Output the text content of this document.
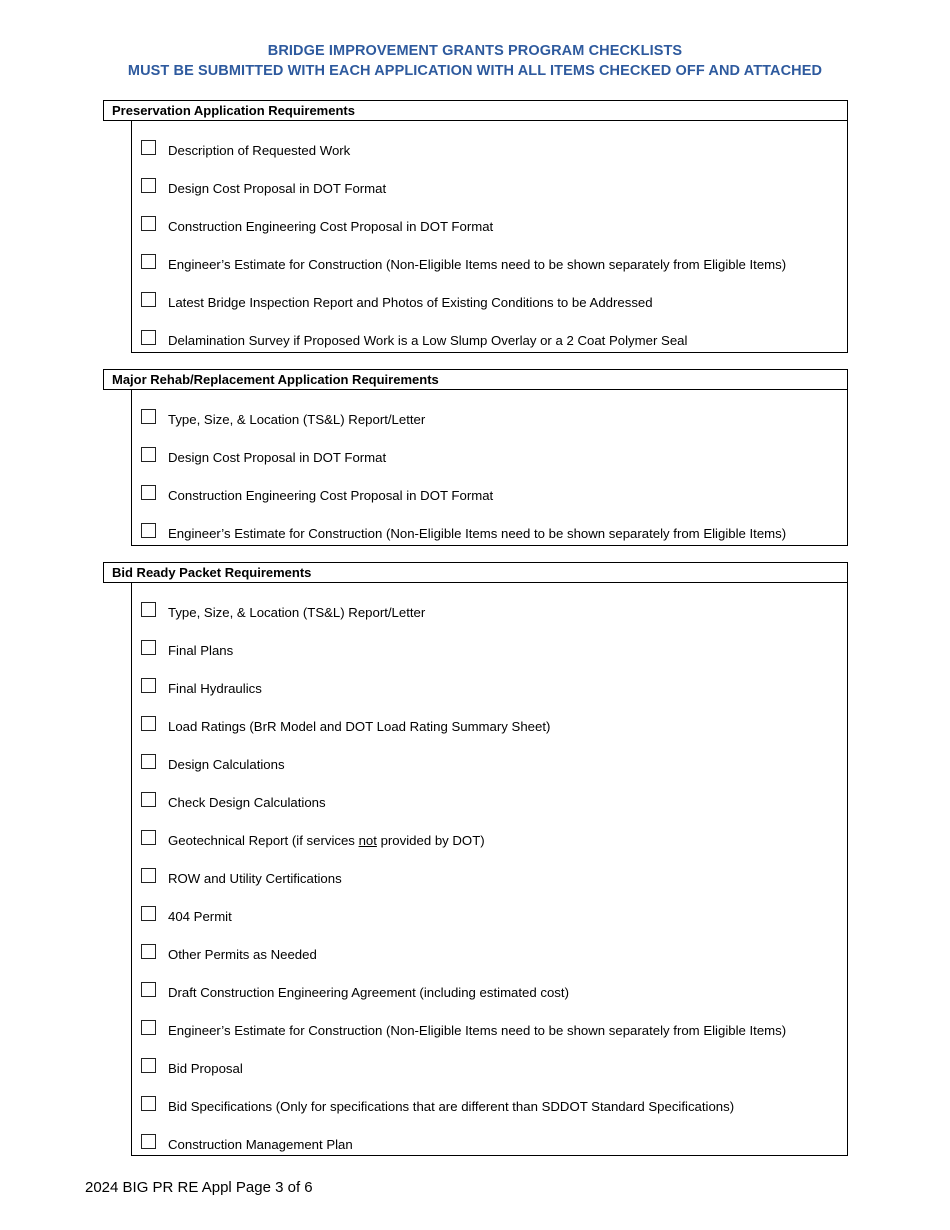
BRIDGE IMPROVEMENT GRANTS PROGRAM CHECKLISTS
MUST BE SUBMITTED WITH EACH APPLICATION WITH ALL ITEMS CHECKED OFF AND ATTACHED
Preservation Application Requirements
Description of Requested Work
Design Cost Proposal in DOT Format
Construction Engineering Cost Proposal in DOT Format
Engineer’s Estimate for Construction (Non-Eligible Items need to be shown separately from Eligible Items)
Latest Bridge Inspection Report and Photos of Existing Conditions to be Addressed
Delamination Survey if Proposed Work is a Low Slump Overlay or a 2 Coat Polymer Seal
Major Rehab/Replacement Application Requirements
Type, Size, & Location (TS&L) Report/Letter
Design Cost Proposal in DOT Format
Construction Engineering Cost Proposal in DOT Format
Engineer’s Estimate for Construction (Non-Eligible Items need to be shown separately from Eligible Items)
Bid Ready Packet Requirements
Type, Size, & Location (TS&L) Report/Letter
Final Plans
Final Hydraulics
Load Ratings (BrR Model and DOT Load Rating Summary Sheet)
Design Calculations
Check Design Calculations
Geotechnical Report (if services not provided by DOT)
ROW and Utility Certifications
404 Permit
Other Permits as Needed
Draft Construction Engineering Agreement (including estimated cost)
Engineer’s Estimate for Construction (Non-Eligible Items need to be shown separately from Eligible Items)
Bid Proposal
Bid Specifications (Only for specifications that are different than SDDOT Standard Specifications)
Construction Management Plan
2024 BIG PR RE Appl Page 3 of 6
